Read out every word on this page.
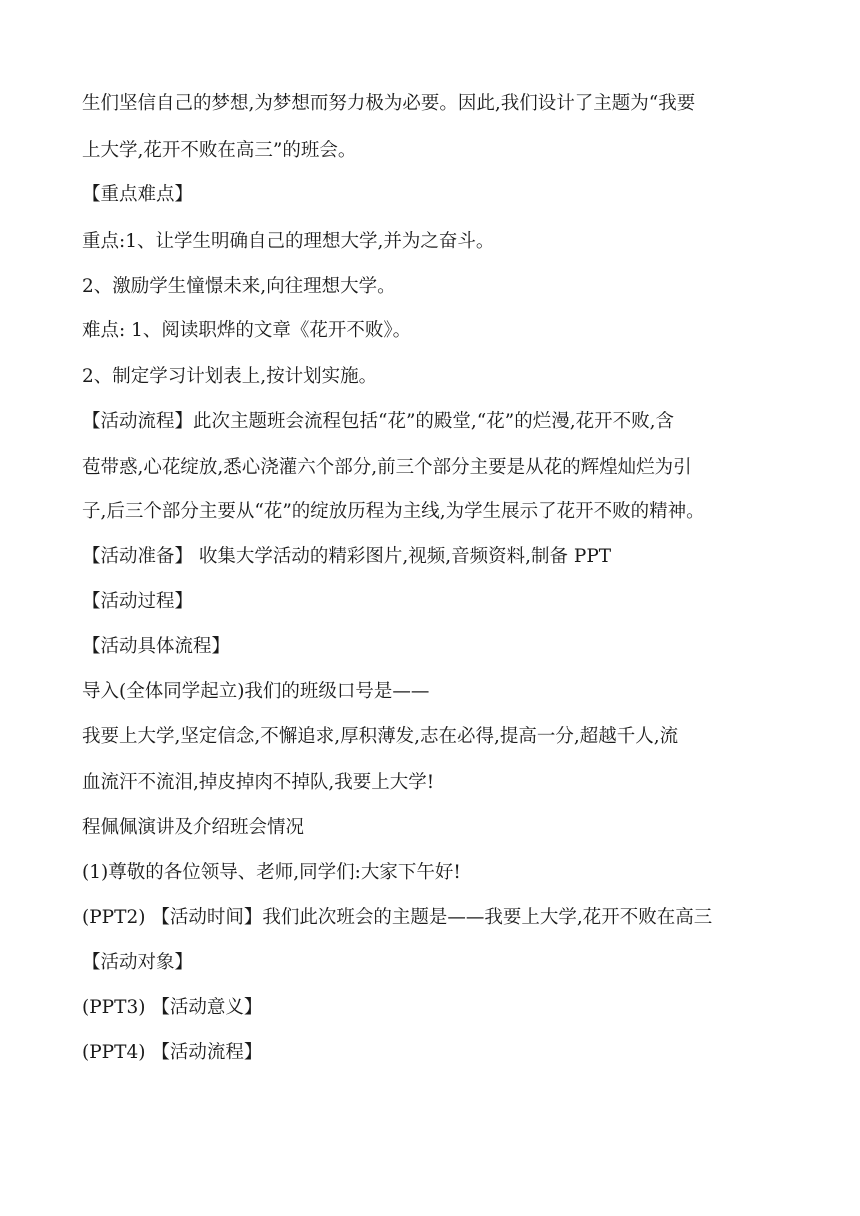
生们坚信自己的梦想,为梦想而努力极为必要。因此,我们设计了主题为“我要
上大学,花开不败在高三”的班会。
【重点难点】
重点:1、让学生明确自己的理想大学,并为之奋斗。
2、激励学生憧憬未来,向往理想大学。
难点: 1、阅读职烨的文章《花开不败》。
2、制定学习计划表上,按计划实施。
【活动流程】此次主题班会流程包括“花”的殿堂,“花”的烂漫,花开不败,含
苞带惑,心花绽放,悉心浇灌六个部分,前三个部分主要是从花的辉煌灿烂为引
子,后三个部分主要从“花”的绽放历程为主线,为学生展示了花开不败的精神。
【活动准备】 收集大学活动的精彩图片,视频,音频资料,制备 PPT
【活动过程】
【活动具体流程】
导入(全体同学起立)我们的班级口号是——
我要上大学,坚定信念,不懈追求,厚积薄发,志在必得,提高一分,超越千人,流
血流汗不流泪,掉皮掉肉不掉队,我要上大学!
程佩佩演讲及介绍班会情况
(1)尊敬的各位领导、老师,同学们:大家下午好!
(PPT2) 【活动时间】我们此次班会的主题是——我要上大学,花开不败在高三
【活动对象】
(PPT3) 【活动意义】
(PPT4) 【活动流程】
